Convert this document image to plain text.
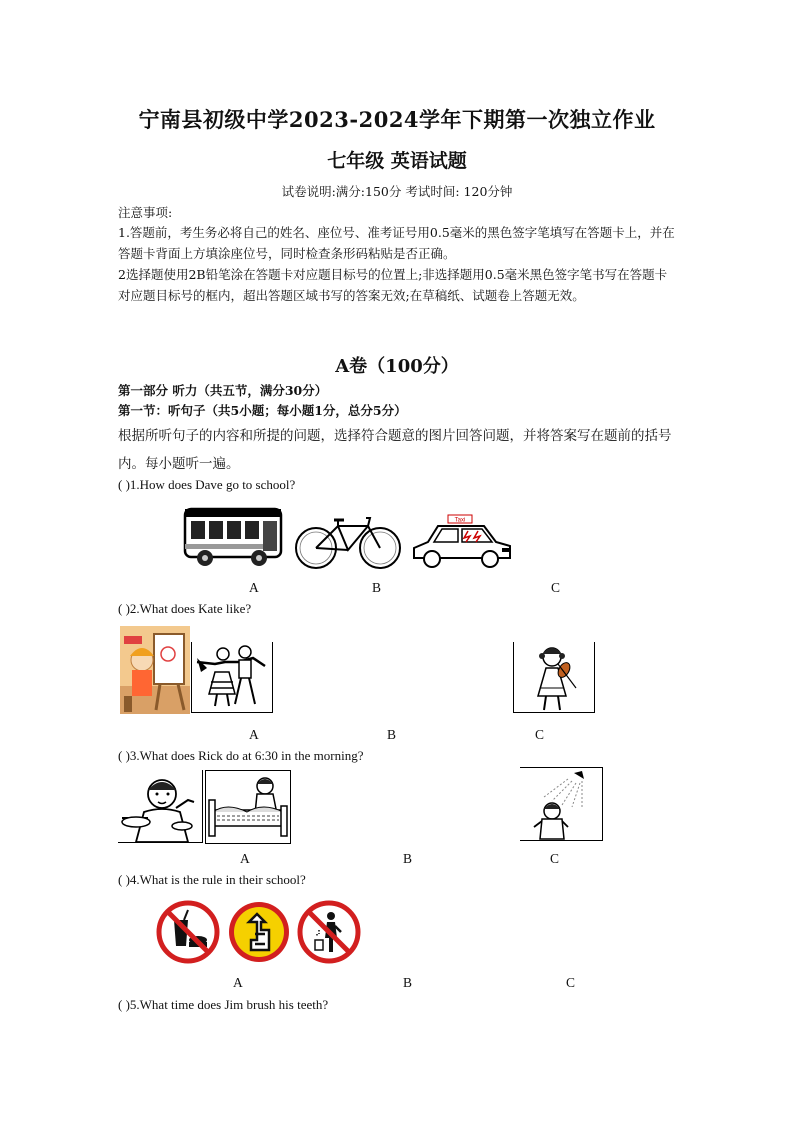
宁南县初级中学2023-2024学年下期第一次独立作业
七年级 英语试题
试卷说明:满分:150分 考试时间: 120分钟
注意事项:
1.答题前，考生务必将自己的姓名、座位号、准考证号用0.5毫米的黑色签字笔填写在答题卡上，并在答题卡背面上方填涂座位号，同时检查条形码粘贴是否正确。
2选择题使用2B铅笔涂在答题卡对应题目标号的位置上;非选择题用0.5毫米黑色签字笔书写在答题卡对应题目标号的框内，超出答题区域书写的答案无效;在草稿纸、试题卷上答题无效。
A卷（100分）
第一部分 听力（共五节，满分30分）
第一节：听句子（共5小题；每小题1分，总分5分）
根据所听句子的内容和所提的问题，选择符合题意的图片回答问题，并将答案写在题前的括号内。每小题听一遍。
( )1.How does Dave go to school?
Taxi
A	B	C
( )2.What does Kate like?
A	B	C
( )3.What does Rick do at 6:30 in the morning?
A	B	C
( )4.What is the rule in their school?
A	B	C
( )5.What time does Jim brush his teeth?
